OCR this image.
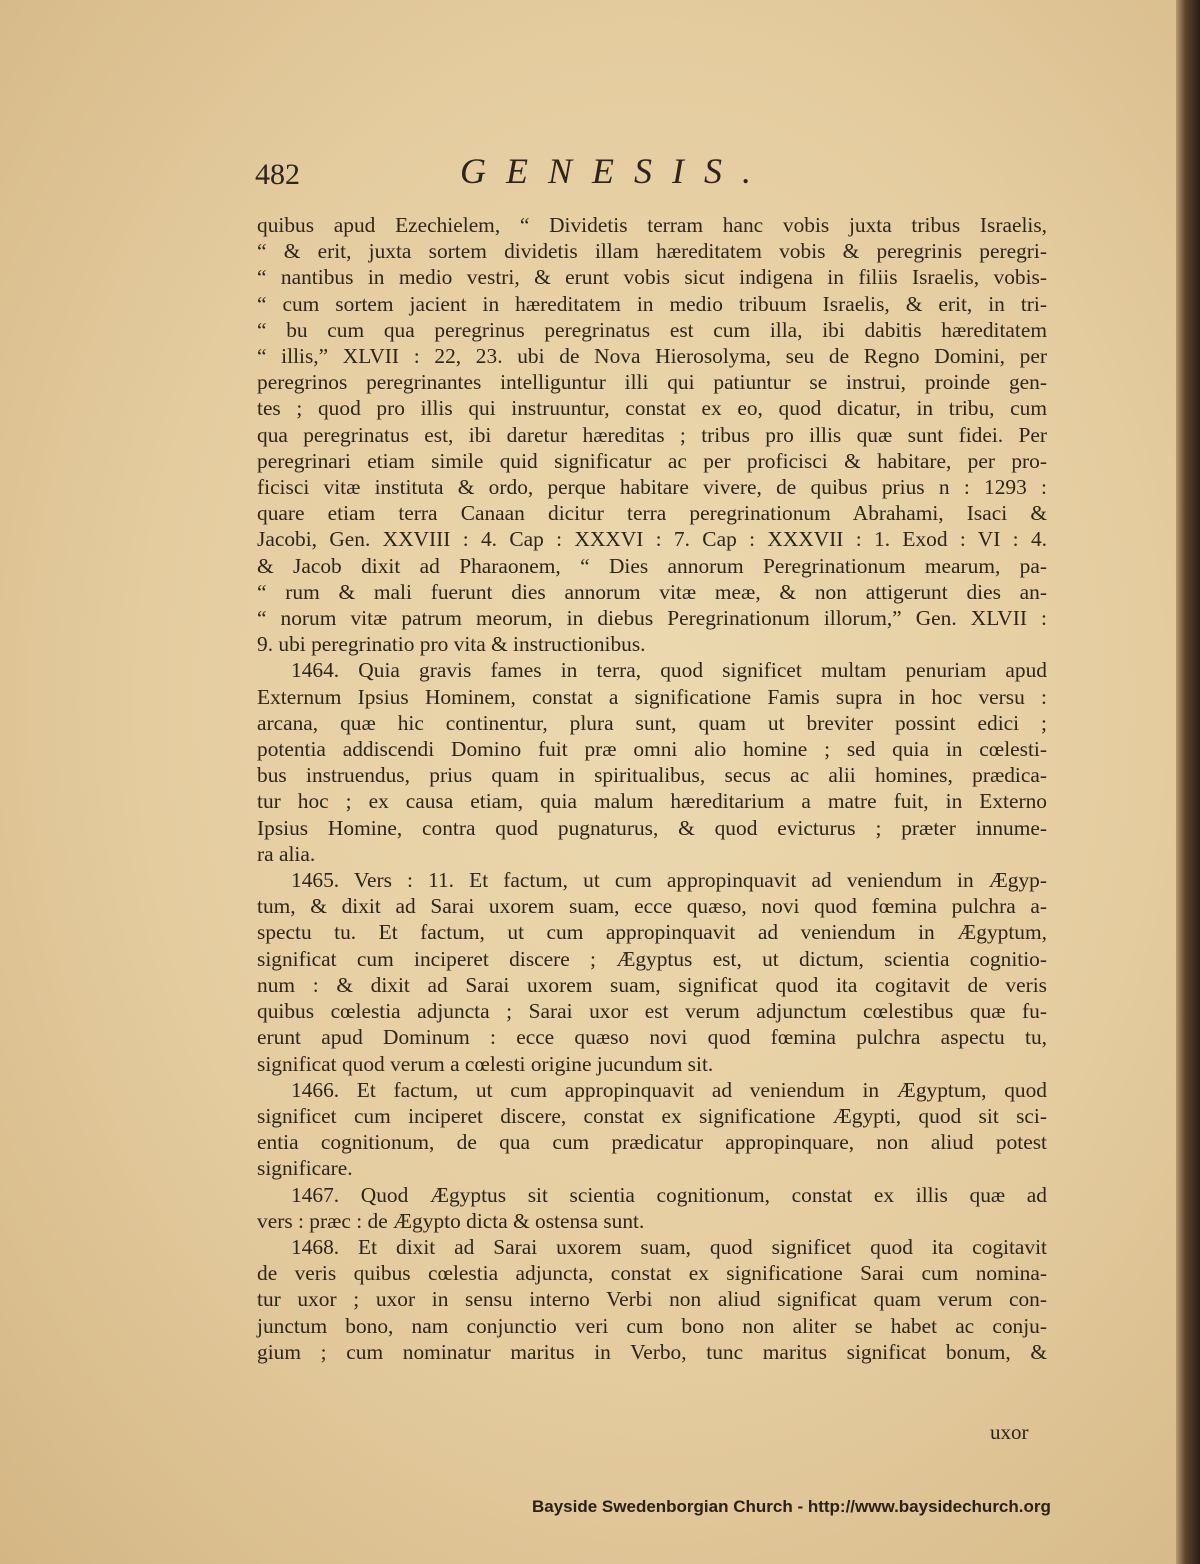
482	GENESIS.
quibus apud Ezechielem, “ Dividetis terram hanc vobis juxta tribus Israelis,
“ & erit, juxta sortem dividetis illam hæreditatem vobis & peregrinis peregri-
“ nantibus in medio vestri, & erunt vobis sicut indigena in filiis Israelis, vobis-
“ cum sortem jacient in hæreditatem in medio tribuum Israelis, & erit, in tri-
“ bu cum qua peregrinus peregrinatus est cum illa, ibi dabitis hæreditatem
“ illis,” XLVII : 22, 23. ubi de Nova Hierosolyma, seu de Regno Domini, per
peregrinos peregrinantes intelliguntur illi qui patiuntur se instrui, proinde gen-
tes ; quod pro illis qui instruuntur, constat ex eo, quod dicatur, in tribu, cum
qua peregrinatus est, ibi daretur hæreditas ; tribus pro illis quæ sunt fidei. Per
peregrinari etiam simile quid significatur ac per proficisci & habitare, per pro-
ficisci vitæ instituta & ordo, perque habitare vivere, de quibus prius n : 1293 :
quare etiam terra Canaan dicitur terra peregrinationum Abrahami, Isaci &
Jacobi, Gen. XXVIII : 4. Cap : XXXVI : 7. Cap : XXXVII : 1. Exod : VI : 4.
& Jacob dixit ad Pharaonem, “ Dies annorum Peregrinationum mearum, pa-
“ rum & mali fuerunt dies annorum vitæ meæ, & non attigerunt dies an-
“ norum vitæ patrum meorum, in diebus Peregrinationum illorum,” Gen. XLVII :
9. ubi peregrinatio pro vita & instructionibus.
1464. Quia gravis fames in terra, quod significet multam penuriam apud
Externum Ipsius Hominem, constat a significatione Famis supra in hoc versu :
arcana, quæ hic continentur, plura sunt, quam ut breviter possint edici ;
potentia addiscendi Domino fuit præ omni alio homine ; sed quia in cœlesti-
bus instruendus, prius quam in spiritualibus, secus ac alii homines, prædica-
tur hoc ; ex causa etiam, quia malum hæreditarium a matre fuit, in Externo
Ipsius Homine, contra quod pugnaturus, & quod evicturus ; præter innume-
ra alia.
1465. Vers : 11. Et factum, ut cum appropinquavit ad veniendum in Ægyp-
tum, & dixit ad Sarai uxorem suam, ecce quæso, novi quod fœmina pulchra a-
spectu tu. Et factum, ut cum appropinquavit ad veniendum in Ægyptum,
significat cum inciperet discere ; Ægyptus est, ut dictum, scientia cognitio-
num : & dixit ad Sarai uxorem suam, significat quod ita cogitavit de veris
quibus cœlestia adjuncta ; Sarai uxor est verum adjunctum cœlestibus quæ fu-
erunt apud Dominum : ecce quæso novi quod fœmina pulchra aspectu tu,
significat quod verum a cœlesti origine jucundum sit.
1466. Et factum, ut cum appropinquavit ad veniendum in Ægyptum, quod
significet cum inciperet discere, constat ex significatione Ægypti, quod sit sci-
entia cognitionum, de qua cum prædicatur appropinquare, non aliud potest
significare.
1467. Quod Ægyptus sit scientia cognitionum, constat ex illis quæ ad
vers : præc : de Ægypto dicta & ostensa sunt.
1468. Et dixit ad Sarai uxorem suam, quod significet quod ita cogitavit
de veris quibus cœlestia adjuncta, constat ex significatione Sarai cum nomina-
tur uxor ; uxor in sensu interno Verbi non aliud significat quam verum con-
junctum bono, nam conjunctio veri cum bono non aliter se habet ac conju-
gium ; cum nominatur maritus in Verbo, tunc maritus significat bonum, &
uxor
Bayside Swedenborgian Church - http://www.baysidechurch.org
